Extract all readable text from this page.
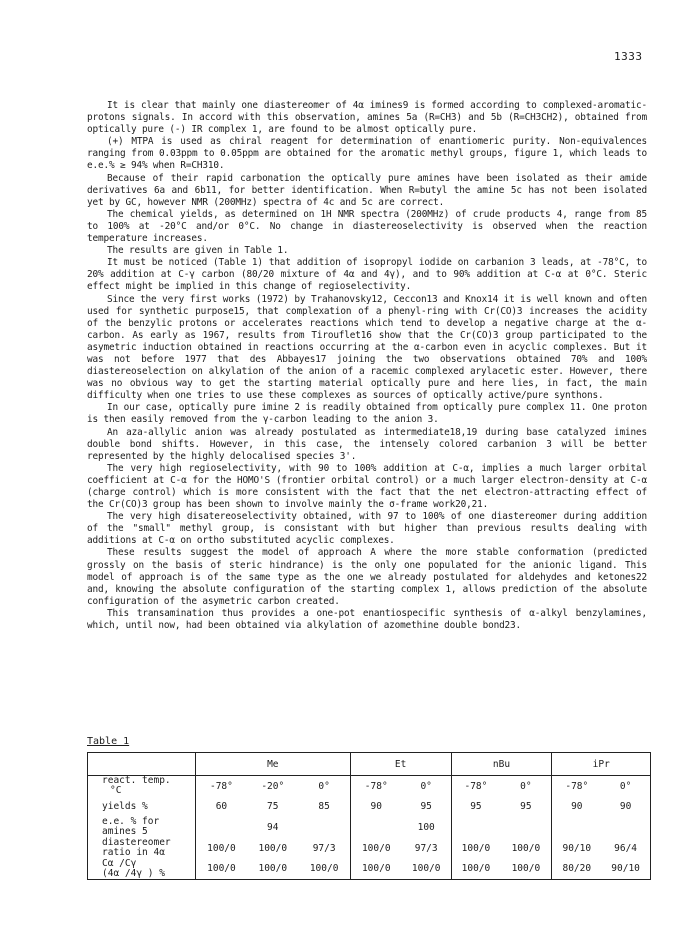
1333

It is clear that mainly one diastereomer of 4α imines9 is formed according to complexed-aromatic-protons signals. In accord with this observation, amines 5a (R=CH3) and 5b (R=CH3CH2), obtained from optically pure (-) IR complex 1, are found to be almost optically pure.

(+) MTPA is used as chiral reagent for determination of enantiomeric purity. Non-equivalences ranging from 0.03ppm to 0.05ppm are obtained for the aromatic methyl groups, figure 1, which leads to e.e.% ≥ 94% when R=CH310.

Because of their rapid carbonation the optically pure amines have been isolated as their amide derivatives 6a and 6b11, for better identification. When R=butyl the amine 5c has not been isolated yet by GC, however NMR (200MHz) spectra of 4c and 5c are correct.

The chemical yields, as determined on 1H NMR spectra (200MHz) of crude products 4, range from 85 to 100% at -20°C and/or 0°C. No change in diastereoselectivity is observed when the reaction temperature increases.

The results are given in Table 1.

It must be noticed (Table 1) that addition of isopropyl iodide on carbanion 3 leads, at -78°C, to 20% addition at C-γ carbon (80/20 mixture of 4α and 4γ), and to 90% addition at C-α at 0°C. Steric effect might be implied in this change of regioselectivity.

Since the very first works (1972) by Trahanovsky12, Ceccon13 and Knox14 it is well known and often used for synthetic purpose15, that complexation of a phenyl-ring with Cr(CO)3 increases the acidity of the benzylic protons or accelerates reactions which tend to develop a negative charge at the α-carbon. As early as 1967, results from Tirouflet16 show that the Cr(CO)3 group participated to the asymetric induction obtained in reactions occurring at the α-carbon even in acyclic complexes. But it was not before 1977 that des Abbayes17 joining the two observations obtained 70% and 100% diastereoselection on alkylation of the anion of a racemic complexed arylacetic ester. However, there was no obvious way to get the starting material optically pure and here lies, in fact, the main difficulty when one tries to use these complexes as sources of optically active/pure synthons.

In our case, optically pure imine 2 is readily obtained from optically pure complex 11. One proton is then easily removed from the γ-carbon leading to the anion 3.

An aza-allylic anion was already postulated as intermediate18,19 during base catalyzed imines double bond shifts. However, in this case, the intensely colored carbanion 3 will be better represented by the highly delocalised species 3'.

The very high regioselectivity, with 90 to 100% addition at C-α, implies a much larger orbital coefficient at C-α for the HOMO'S (frontier orbital control) or a much larger electron-density at C-α (charge control) which is more consistent with the fact that the net electron-attracting effect of the Cr(CO)3 group has been shown to involve mainly the σ-frame work20,21.

The very high disatereoselectivity obtained, with 97 to 100% of one diastereomer during addition of the "small" methyl group, is consistant with but higher than previous results dealing with additions at C-α on ortho substituted acyclic complexes.

These results suggest the model of approach A where the more stable conformation (predicted grossly on the basis of steric hindrance) is the only one populated for the anionic ligand. This model of approach is of the same type as the one we already postulated for aldehydes and ketones22 and, knowing the absolute configuration of the starting complex 1, allows prediction of the absolute configuration of the asymetric carbon created.

This transamination thus provides a one-pot enantiospecific synthesis of α-alkyl benzylamines, which, until now, had been obtained via alkylation of azomethine double bond23.

Table 1
	Me			Et		nBu		iPr	

react. temp.
°C	-78°	-20°	0°	-78°	0°	-78°	0°	-78°	0°

yields %	60	75	85	90	95	95	95	90	90

e.e. % for
amines 5		94			100				

diastereomer
ratio in 4α	100/0	100/0	97/3	100/0	97/3	100/0	100/0	90/10	96/4

Cα /Cγ
(4α /4γ ) %	100/0	100/0	100/0	100/0	100/0	100/0	100/0	80/20	90/10
